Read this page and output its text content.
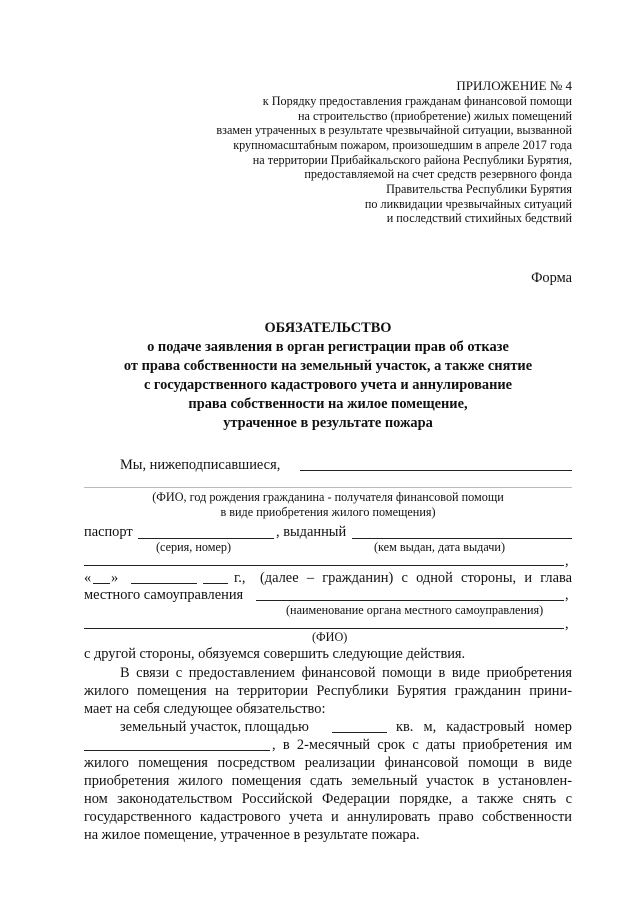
ПРИЛОЖЕНИЕ № 4
к Порядку предоставления гражданам финансовой помощи
на строительство (приобретение) жилых помещений
взамен утраченных в результате чрезвычайной ситуации, вызванной
крупномасштабным пожаром, произошедшим в апреле 2017 года
на территории Прибайкальского района Республики Бурятия,
предоставляемой на счет средств резервного фонда
Правительства Республики Бурятия
по ликвидации чрезвычайных ситуаций
и последствий стихийных бедствий
Форма
ОБЯЗАТЕЛЬСТВО
о подаче заявления в орган регистрации прав об отказе
от права собственности на земельный участок, а также снятие
с государственного кадастрового учета и аннулирование
права собственности на жилое помещение,
утраченное в результате пожара
Мы, нижеподписавшиеся,
(ФИО, год рождения гражданина - получателя финансовой помощи
в виде приобретения жилого помещения)
паспорт	, выданный
(серия, номер)	(кем выдан, дата выдачи)
,
« »	г., (далее – гражданин) с одной стороны, и глава
местного самоуправления	,
(наименование органа местного самоуправления)
,
(ФИО)
с другой стороны, обязуемся совершить следующие действия.
В связи с предоставлением финансовой помощи в виде приобретения
жилого помещения на территории Республики Бурятия гражданин прини-
мает на себя следующее обязательство:
земельный участок, площадью	кв. м, кадастровый номер
, в 2-месячный срок с даты приобретения им
жилого помещения посредством реализации финансовой помощи в виде
приобретения жилого помещения сдать земельный участок в установлен-
ном законодательством Российской Федерации порядке, а также снять с
государственного кадастрового учета и аннулировать право собственности
на жилое помещение, утраченное в результате пожара.
